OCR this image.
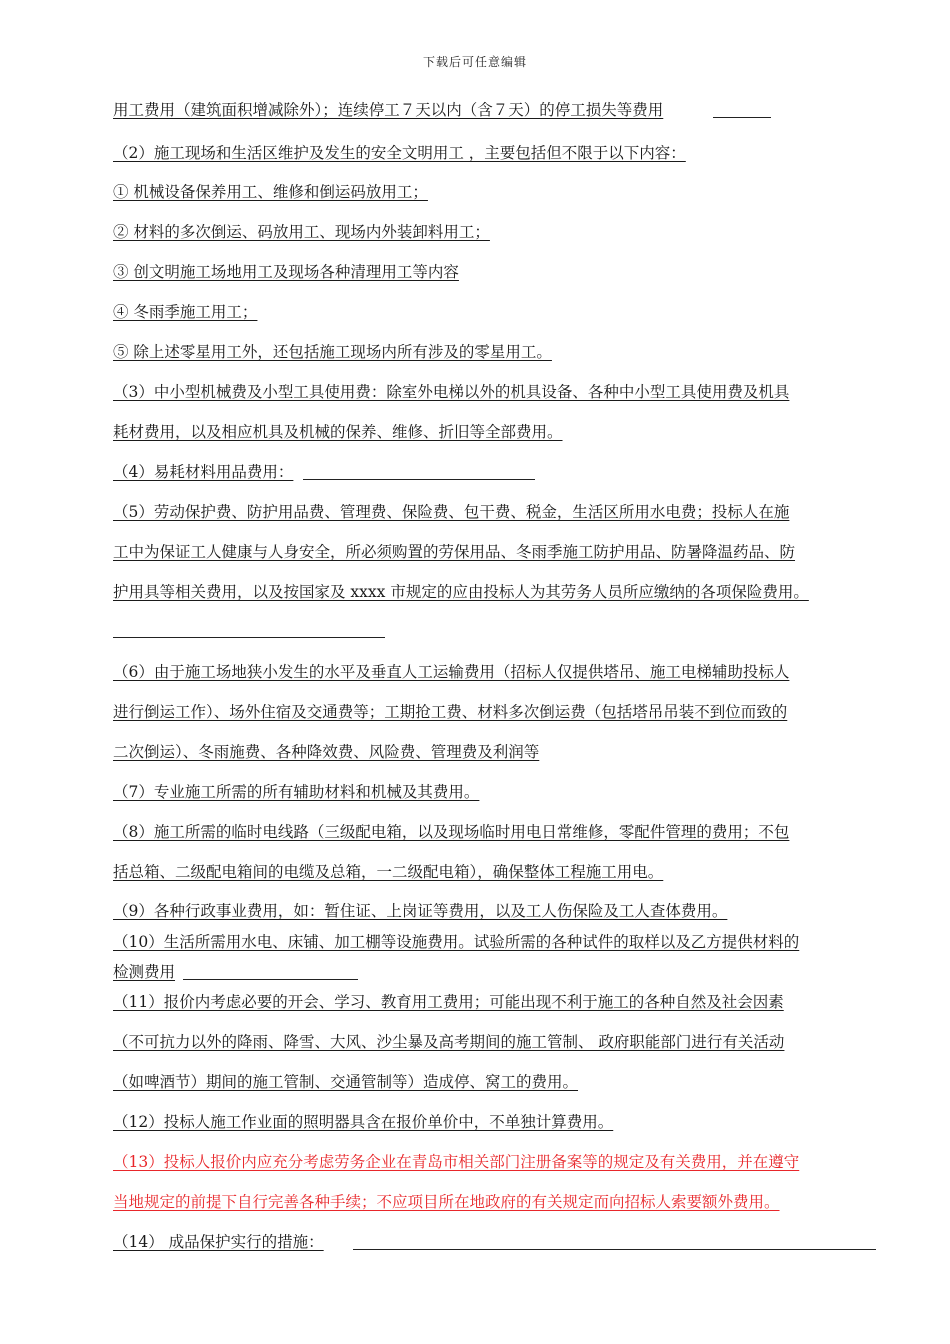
下载后可任意编辑
用工费用（建筑面积增减除外）；连续停工７天以内（含７天）的停工损失等费用
（2）施工现场和生活区维护及发生的安全文明用工 ，主要包括但不限于以下内容：
① 机械设备保养用工、维修和倒运码放用工；
② 材料的多次倒运、码放用工、现场内外装卸料用工；
③ 创文明施工场地用工及现场各种清理用工等内容
④ 冬雨季施工用工；
⑤ 除上述零星用工外，还包括施工现场内所有涉及的零星用工。
（3）中小型机械费及小型工具使用费：除室外电梯以外的机具设备、各种中小型工具使用费及机具
耗材费用，以及相应机具及机械的保养、维修、折旧等全部费用。
（4）易耗材料用品费用：
（5）劳动保护费、防护用品费、管理费、保险费、包干费、税金，生活区所用水电费；投标人在施
工中为保证工人健康与人身安全，所必须购置的劳保用品、冬雨季施工防护用品、防暑降温药品、防
护用具等相关费用，以及按国家及 xxxx 市规定的应由投标人为其劳务人员所应缴纳的各项保险费用。
（6）由于施工场地狭小发生的水平及垂直人工运输费用（招标人仅提供塔吊、施工电梯辅助投标人
进行倒运工作）、场外住宿及交通费等；工期抢工费、材料多次倒运费（包括塔吊吊装不到位而致的
二次倒运）、冬雨施费、各种降效费、风险费、管理费及利润等
（7）专业施工所需的所有辅助材料和机械及其费用。
（8）施工所需的临时电线路（三级配电箱，以及现场临时用电日常维修，零配件管理的费用；不包
括总箱、二级配电箱间的电缆及总箱，一二级配电箱），确保整体工程施工用电。
（9）各种行政事业费用，如：暂住证、上岗证等费用，以及工人伤保险及工人查体费用。
（10）生活所需用水电、床铺、加工棚等设施费用。试验所需的各种试件的取样以及乙方提供材料的
检测费用
（11）报价内考虑必要的开会、学习、教育用工费用；可能出现不利于施工的各种自然及社会因素
（不可抗力以外的降雨、降雪、大风、沙尘暴及高考期间的施工管制、 政府职能部门进行有关活动
（如啤酒节）期间的施工管制、交通管制等）造成停、窝工的费用。
（12）投标人施工作业面的照明器具含在报价单价中，不单独计算费用。
（13）投标人报价内应充分考虑劳务企业在青岛市相关部门注册备案等的规定及有关费用，并在遵守
当地规定的前提下自行完善各种手续；不应项目所在地政府的有关规定而向招标人索要额外费用。
（14） 成品保护实行的措施：
